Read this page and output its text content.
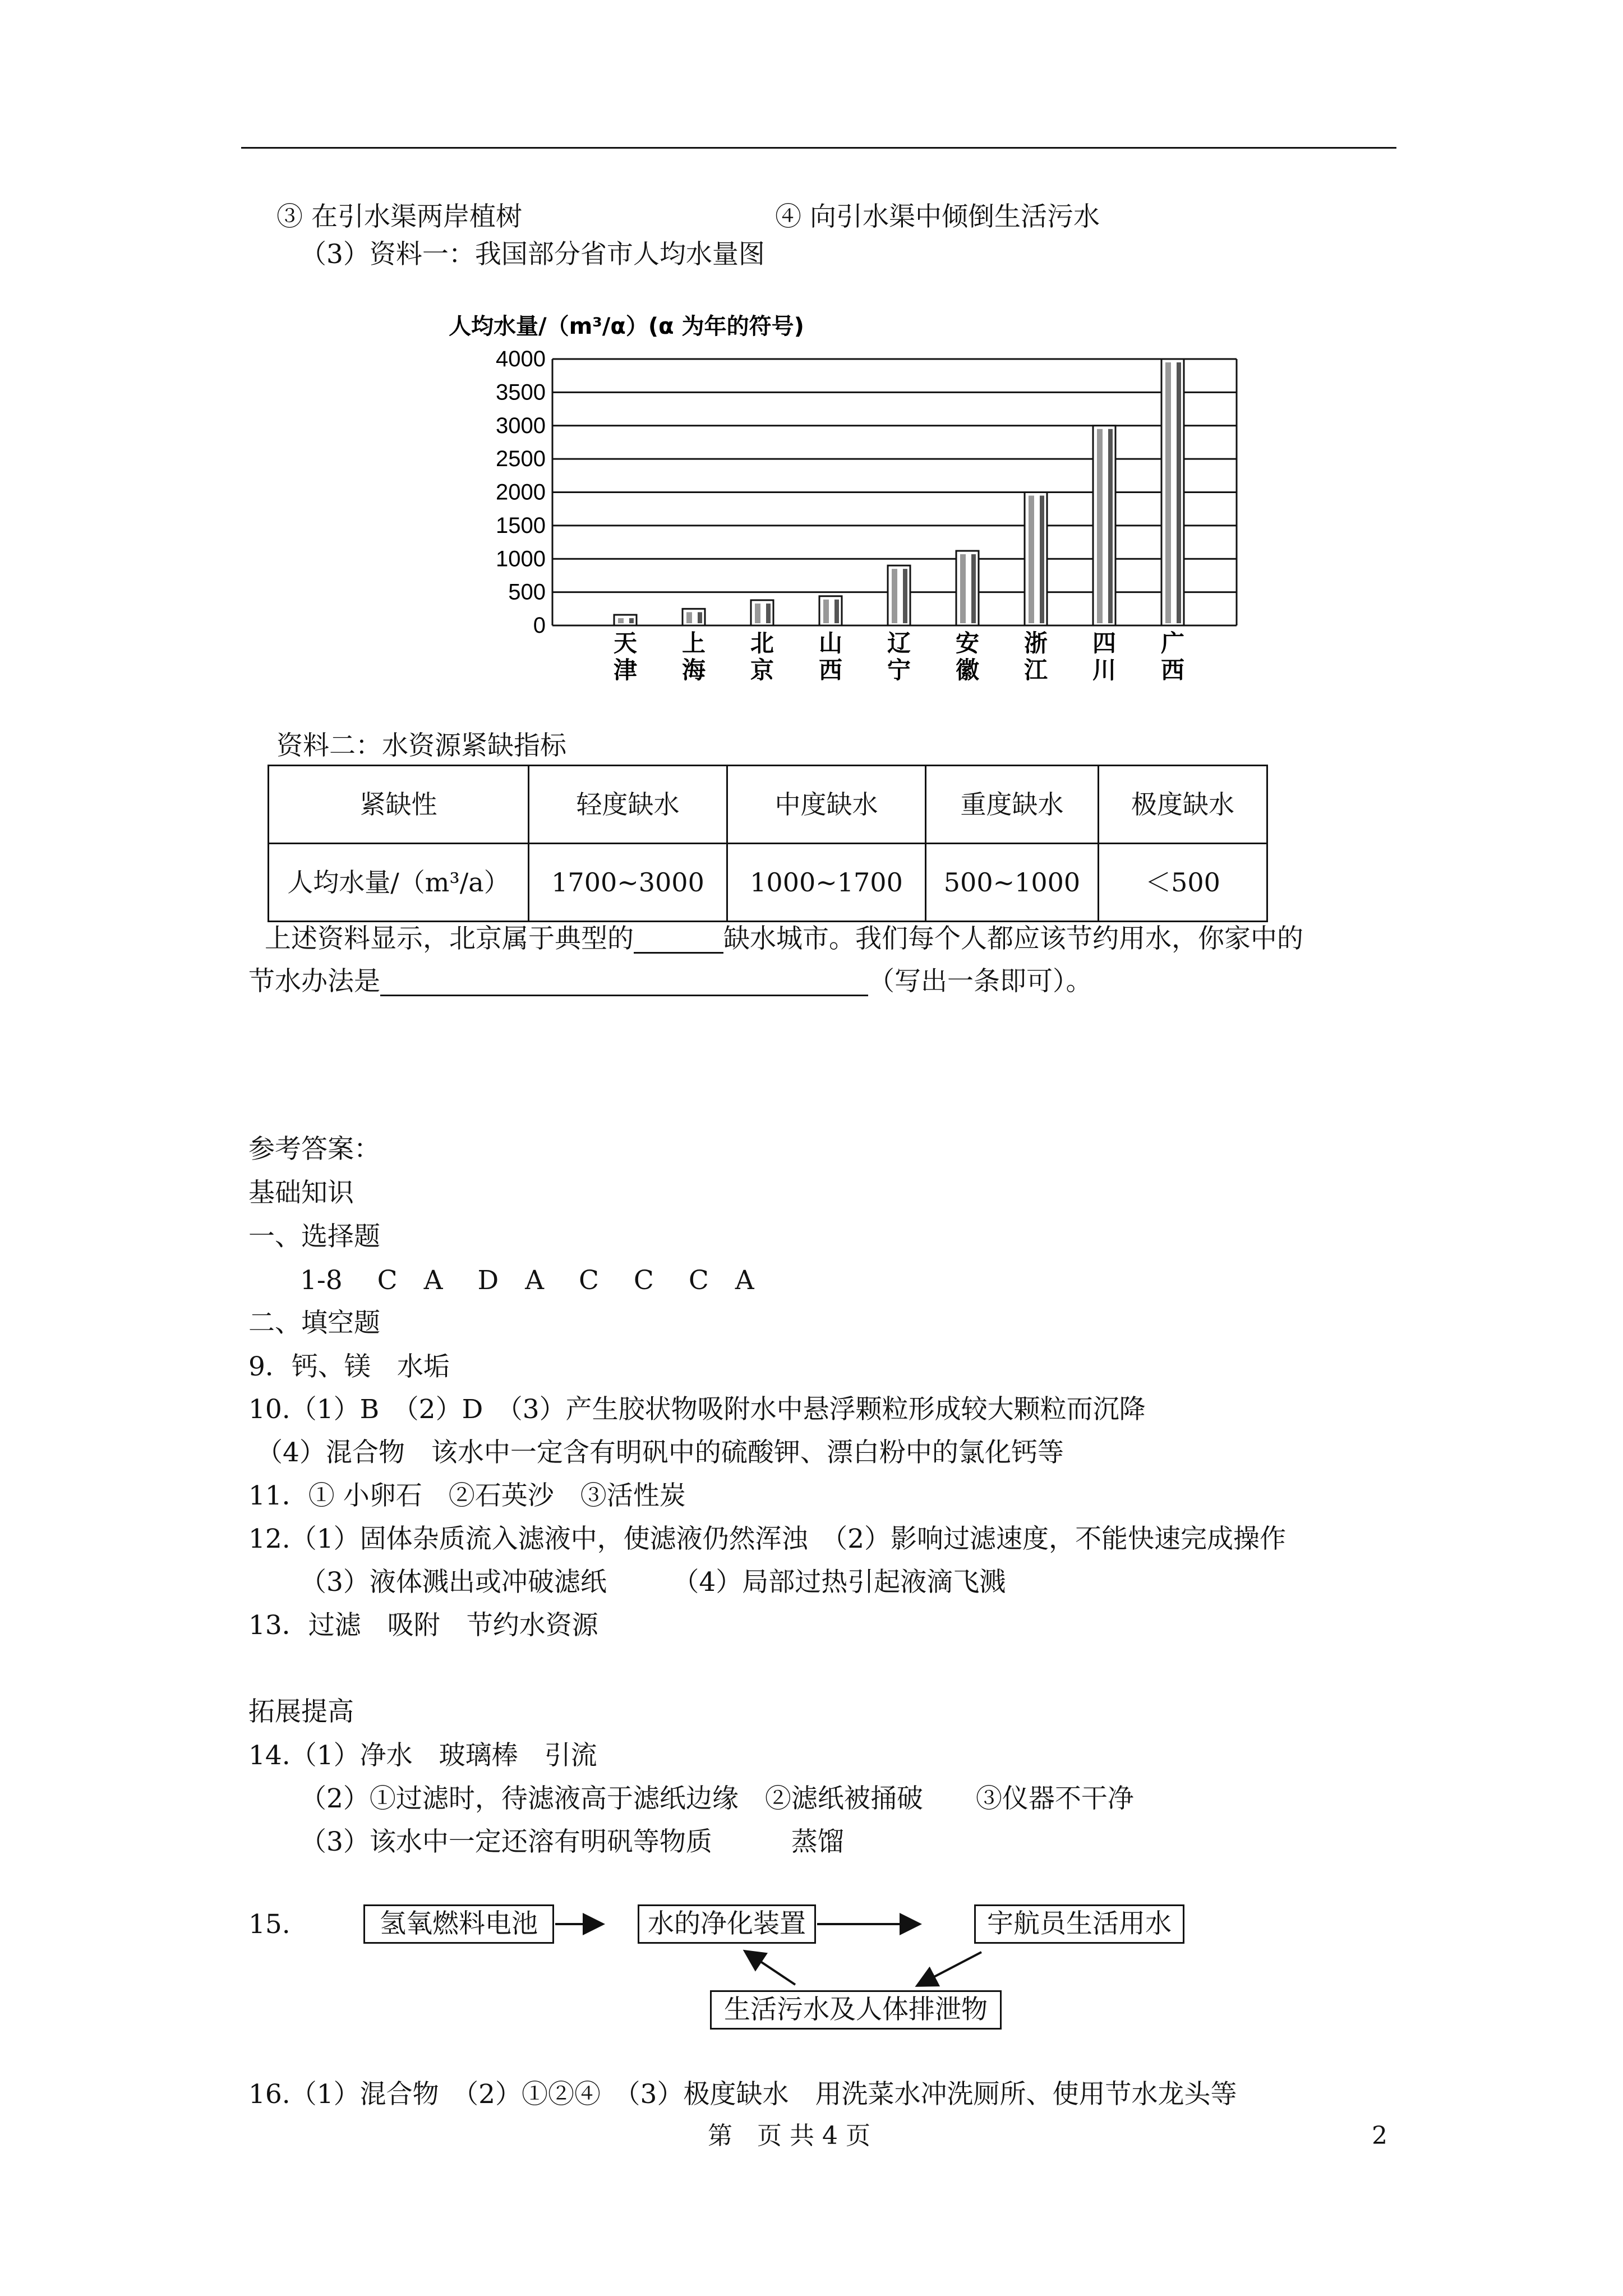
③ 在引水渠两岸植树	④ 向引水渠中倾倒生活污水
（3）资料一：我国部分省市人均水量图
人均水量/（m³/α）(α 为年的符号)
0
500
1000
1500
2000
2500
3000
3500
4000
天
津
上
海
北
京
山
西
辽
宁
安
徽
浙
江
四
川
广
西
资料二：水资源紧缺指标
紧缺性	轻度缺水	中度缺水	重度缺水	极度缺水
人均水量/（m³/a）	1700~3000	1000~1700	500~1000	＜500
上述资料显示，北京属于典型的	缺水城市。我们每个人都应该节约用水，你家中的
节水办法是	（写出一条即可）。
参考答案：
基础知识
一、选择题
1-8　 C　A　 D　A　 C　 C　 C　A
二、填空题
9．钙、镁　水垢
10.（1）B　（2）D　（3）产生胶状物吸附水中悬浮颗粒形成较大颗粒而沉降
（4）混合物　该水中一定含有明矾中的硫酸钾、漂白粉中的氯化钙等
11．① 小卵石　②石英沙　③活性炭
12.（1）固体杂质流入滤液中，使滤液仍然浑浊　（2）影响过滤速度，不能快速完成操作
（3）液体溅出或冲破滤纸　　　（4）局部过热引起液滴飞溅
13．过滤　吸附　节约水资源
拓展提高
14.（1）净水　玻璃棒　引流
（2）①过滤时，待滤液高于滤纸边缘　②滤纸被捅破　　③仪器不干净
（3）该水中一定还溶有明矾等物质　　　蒸馏
15.	氢氧燃料电池	水的净化装置	宇航员生活用水
生活污水及人体排泄物
16.（1）混合物　（2）①②④　（3）极度缺水　用洗菜水冲洗厕所、使用节水龙头等
第　页 共 4 页	2
